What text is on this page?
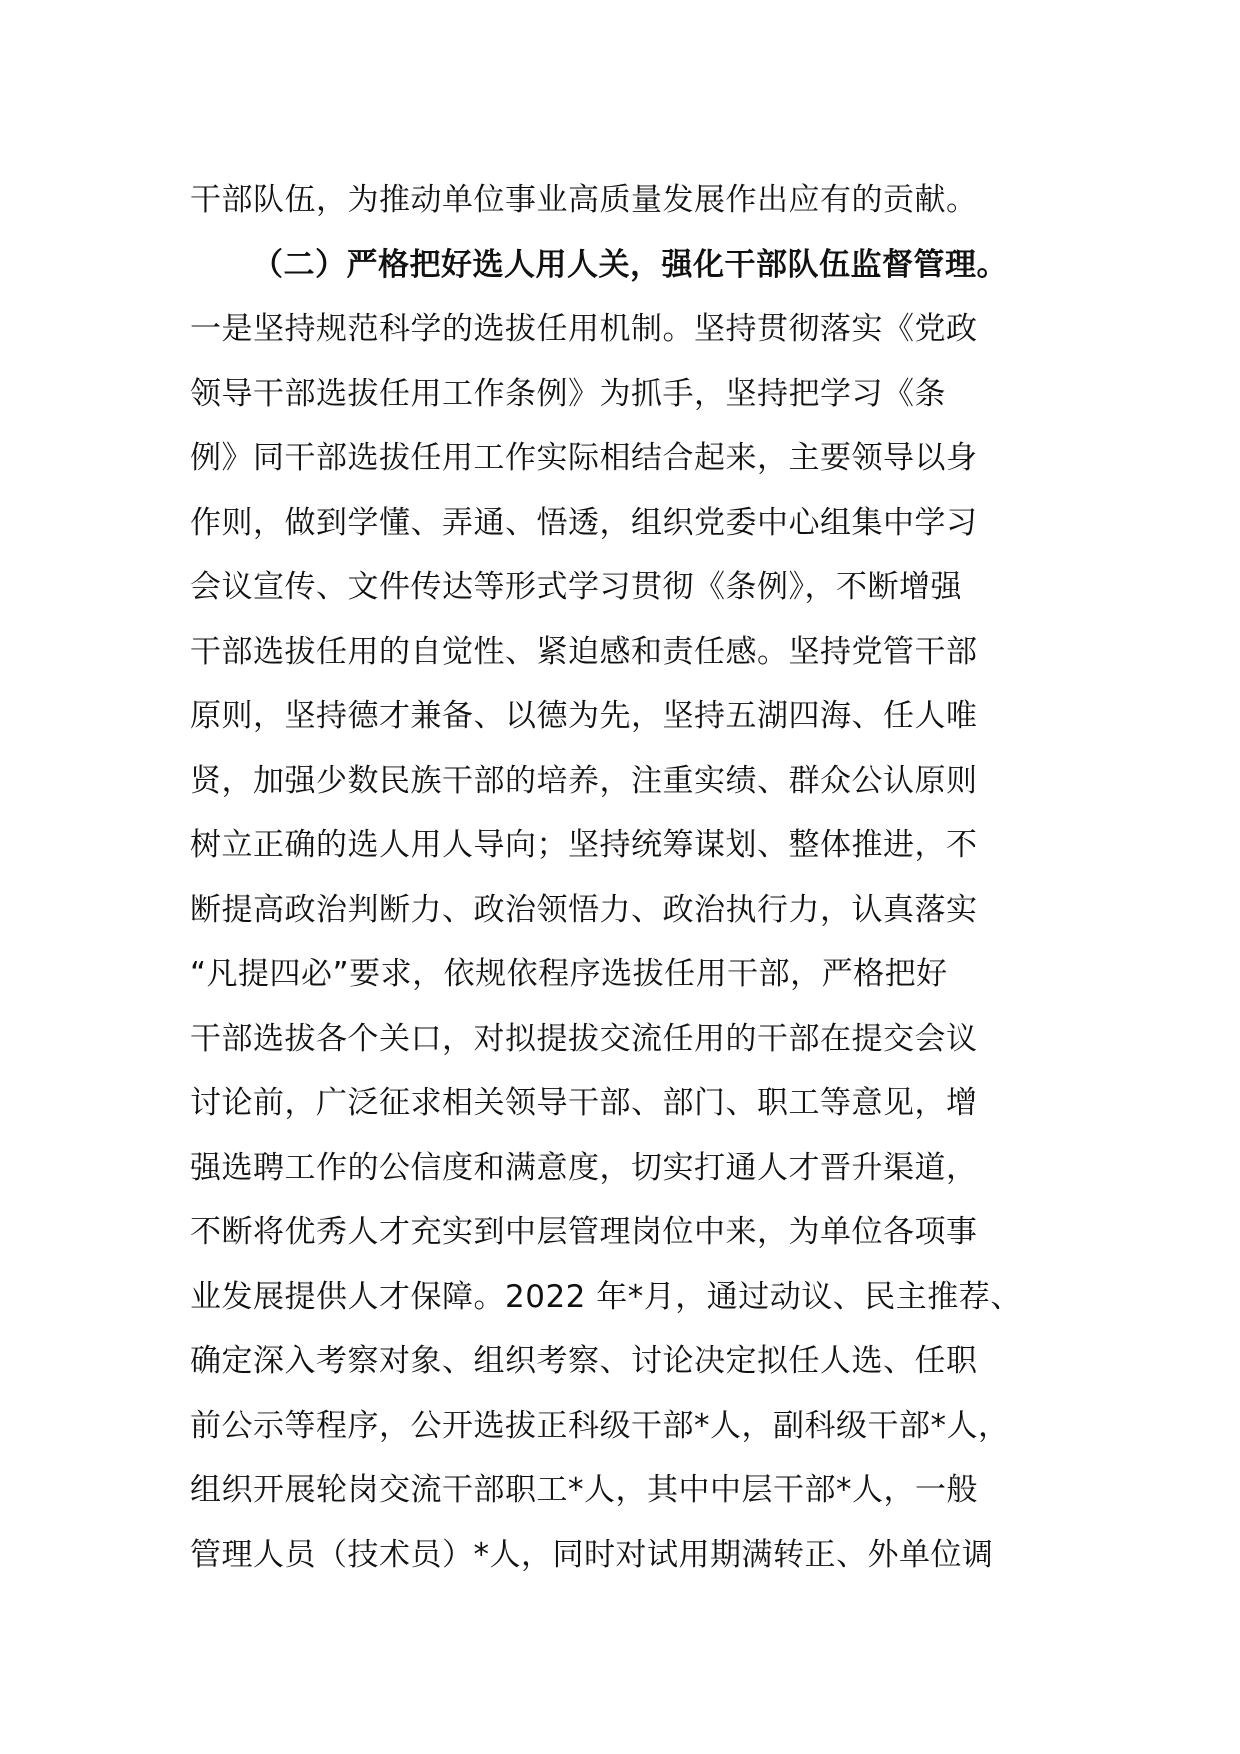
干部队伍，为推动单位事业高质量发展作出应有的贡献。
（二）严格把好选人用人关，强化干部队伍监督管理。
一是坚持规范科学的选拔任用机制。坚持贯彻落实《党政
领导干部选拔任用工作条例》为抓手，坚持把学习《条
例》同干部选拔任用工作实际相结合起来，主要领导以身
作则，做到学懂、弄通、悟透，组织党委中心组集中学习
会议宣传、文件传达等形式学习贯彻《条例》，不断增强
干部选拔任用的自觉性、紧迫感和责任感。坚持党管干部
原则，坚持德才兼备、以德为先，坚持五湖四海、任人唯
贤，加强少数民族干部的培养，注重实绩、群众公认原则
树立正确的选人用人导向；坚持统筹谋划、整体推进，不
断提高政治判断力、政治领悟力、政治执行力，认真落实
“凡提四必”要求，依规依程序选拔任用干部，严格把好
干部选拔各个关口，对拟提拔交流任用的干部在提交会议
讨论前，广泛征求相关领导干部、部门、职工等意见，增
强选聘工作的公信度和满意度，切实打通人才晋升渠道，
不断将优秀人才充实到中层管理岗位中来，为单位各项事
业发展提供人才保障。2022 年*月，通过动议、民主推荐、
确定深入考察对象、组织考察、讨论决定拟任人选、任职
前公示等程序，公开选拔正科级干部*人，副科级干部*人，
组织开展轮岗交流干部职工*人，其中中层干部*人，一般
管理人员（技术员）*人，同时对试用期满转正、外单位调
